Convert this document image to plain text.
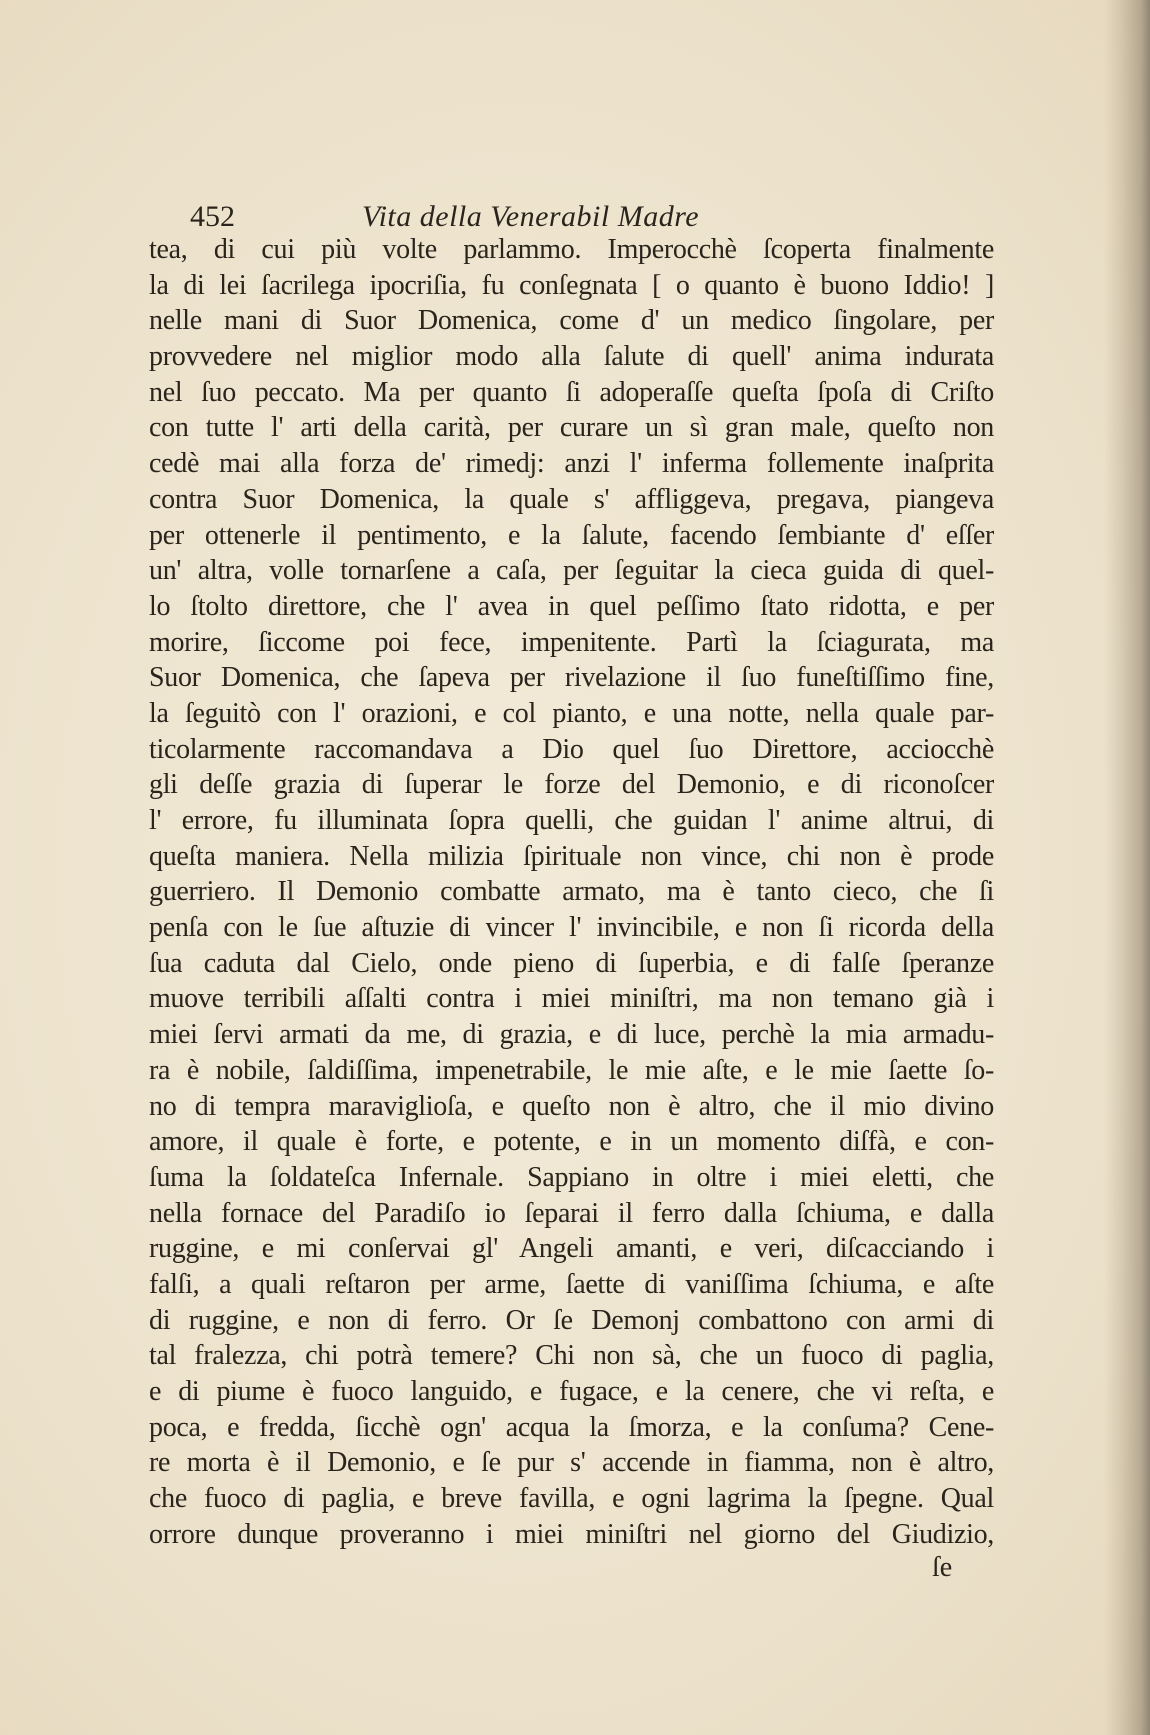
452	Vita della Venerabil Madre
tea, di cui più volte parlammo. Imperocchè ſcoperta finalmente
la di lei ſacrilega ipocriſia, fu conſegnata [ o quanto è buono Iddio! ]
nelle mani di Suor Domenica, come d' un medico ſingolare, per
provvedere nel miglior modo alla ſalute di quell' anima indurata
nel ſuo peccato. Ma per quanto ſi adoperaſſe queſta ſpoſa di Criſto
con tutte l' arti della carità, per curare un sì gran male, queſto non
cedè mai alla forza de' rimedj: anzi l' inferma follemente inaſprita
contra Suor Domenica, la quale s' affliggeva, pregava, piangeva
per ottenerle il pentimento, e la ſalute, facendo ſembiante d' eſſer
un' altra, volle tornarſene a caſa, per ſeguitar la cieca guida di quel-
lo ſtolto direttore, che l' avea in quel peſſimo ſtato ridotta, e per
morire, ſiccome poi fece, impenitente. Partì la ſciagurata, ma
Suor Domenica, che ſapeva per rivelazione il ſuo funeſtiſſimo fine,
la ſeguitò con l' orazioni, e col pianto, e una notte, nella quale par-
ticolarmente raccomandava a Dio quel ſuo Direttore, acciocchè
gli deſſe grazia di ſuperar le forze del Demonio, e di riconoſcer
l' errore, fu illuminata ſopra quelli, che guidan l' anime altrui, di
queſta maniera. Nella milizia ſpirituale non vince, chi non è prode
guerriero. Il Demonio combatte armato, ma è tanto cieco, che ſi
penſa con le ſue aſtuzie di vincer l' invincibile, e non ſi ricorda della
ſua caduta dal Cielo, onde pieno di ſuperbia, e di falſe ſperanze
muove terribili aſſalti contra i miei miniſtri, ma non temano già i
miei ſervi armati da me, di grazia, e di luce, perchè la mia armadu-
ra è nobile, ſaldiſſima, impenetrabile, le mie aſte, e le mie ſaette ſo-
no di tempra maraviglioſa, e queſto non è altro, che il mio divino
amore, il quale è forte, e potente, e in un momento diſfà, e con-
ſuma la ſoldateſca Infernale. Sappiano in oltre i miei eletti, che
nella fornace del Paradiſo io ſeparai il ferro dalla ſchiuma, e dalla
ruggine, e mi conſervai gl' Angeli amanti, e veri, diſcacciando i
falſi, a quali reſtaron per arme, ſaette di vaniſſima ſchiuma, e aſte
di ruggine, e non di ferro. Or ſe Demonj combattono con armi di
tal fralezza, chi potrà temere? Chi non sà, che un fuoco di paglia,
e di piume è fuoco languido, e fugace, e la cenere, che vi reſta, e
poca, e fredda, ſicchè ogn' acqua la ſmorza, e la conſuma? Cene-
re morta è il Demonio, e ſe pur s' accende in fiamma, non è altro,
che fuoco di paglia, e breve favilla, e ogni lagrima la ſpegne. Qual
orrore dunque proveranno i miei miniſtri nel giorno del Giudizio,
ſe
